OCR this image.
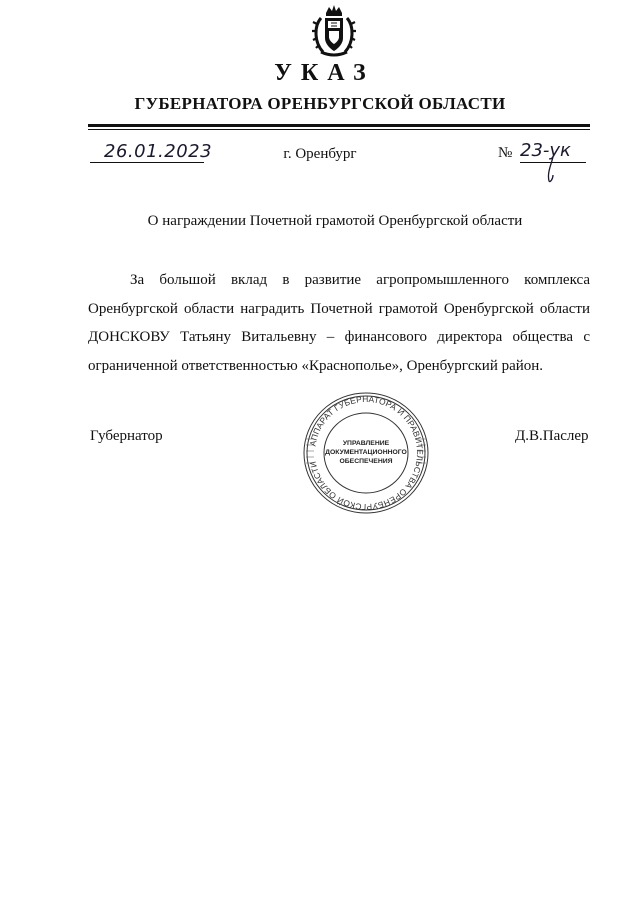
УКАЗ
ГУБЕРНАТОРА ОРЕНБУРГСКОЙ ОБЛАСТИ
26.01.2023	г. Оренбург	№ 23-ук
О награждении Почетной грамотой Оренбургской области

За большой вклад в развитие агропромышленного комплекса Оренбургской области наградить Почетной грамотой Оренбургской области ДОНСКОВУ Татьяну Витальевну – финансового директора общества с ограниченной ответственностью «Краснополье», Оренбургский район.

Губернатор	Д.В.Паслер
АППАРАТ ГУБЕРНАТОРА И ПРАВИТЕЛЬСТВА ОРЕНБУРГСКОЙ ОБЛАСТИ
УПРАВЛЕНИЕ
ДОКУМЕНТАЦИОННОГО
ОБЕСПЕЧЕНИЯ
